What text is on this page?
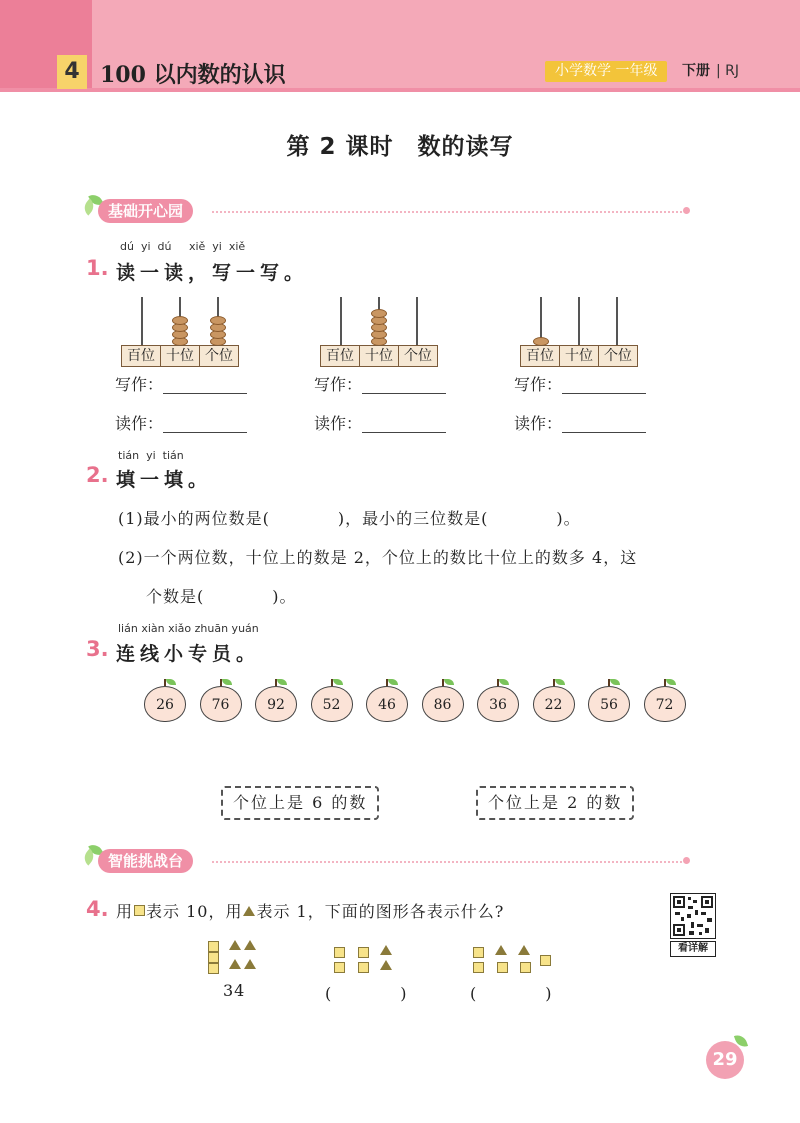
4 100 以内数的认识	小学数学 一年级	下册 | RJ
第 2 课时　数的读写
基础开心园
dú  yi  dú     xiě  yi  xiě
1. 读一读，写一写。
百位 十位 个位
写作：
读作：
百位 十位 个位
写作：
读作：
百位 十位 个位
写作：
读作：
tián  yi  tián
2. 填一填。
(1)最小的两位数是(　　　　)，最小的三位数是(　　　　)。
(2)一个两位数，十位上的数是 2，个位上的数比十位上的数多 4，这
个数是(　　　　)。
lián xiàn xiǎo zhuān yuán
3. 连线小专员。
26	76	92	52	46	86	36	22	56	72
个位上是 6 的数	个位上是 2 的数
智能挑战台
4. 用 表示 10，用 表示 1，下面的图形各表示什么?
看详解
34	(　　　　)	(　　　　)
29
